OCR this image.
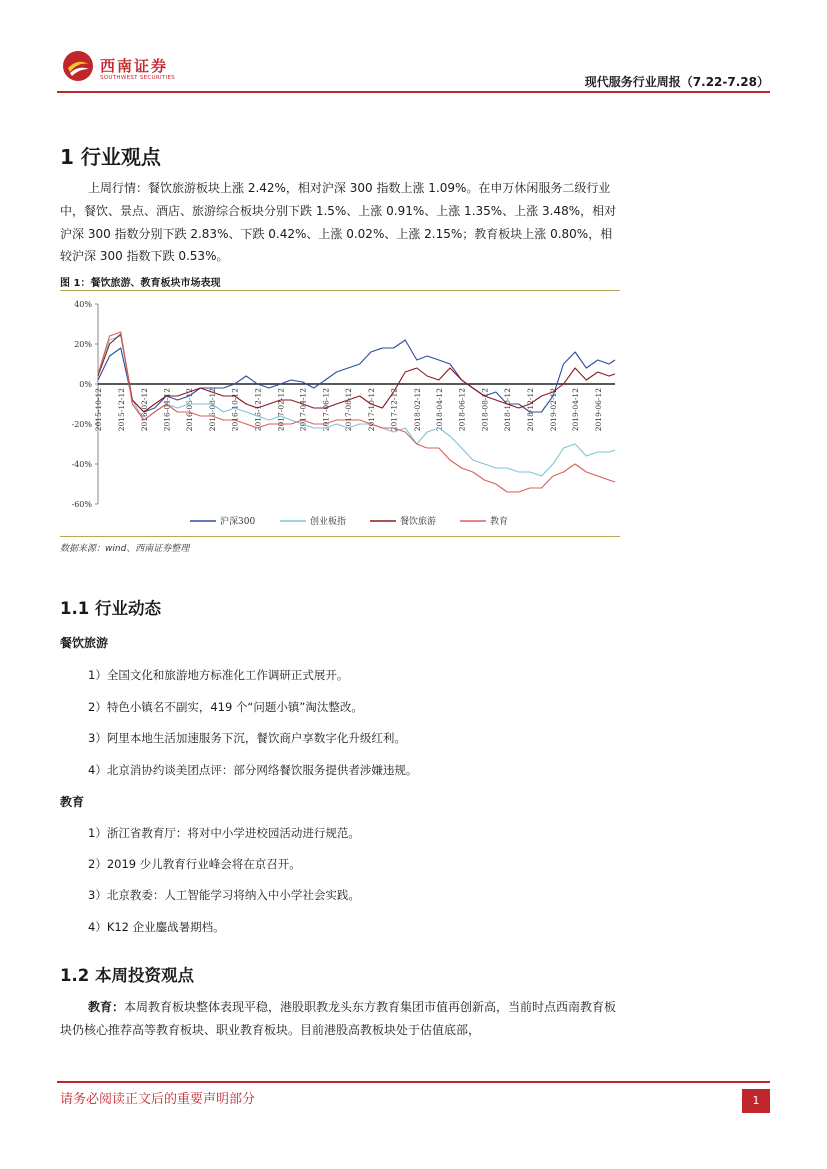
西南证券
SOUTHWEST SECURITIES	现代服务行业周报（7.22-7.28）
1 行业观点

上周行情：餐饮旅游板块上涨 2.42%，相对沪深 300 指数上涨 1.09%。在申万休闲服务二级行业中，餐饮、景点、酒店、旅游综合板块分别下跌 1.5%、上涨 0.91%、上涨 1.35%、上涨 3.48%，相对沪深 300 指数分别下跌 2.83%、下跌 0.42%、上涨 0.02%、上涨 2.15%；教育板块上涨 0.80%，相较沪深 300 指数下跌 0.53%。

图 1：餐饮旅游、教育板块市场表现
40%
20%
0%
-20%
-40%
-60%
2015-10-12 2015-12-12 2016-02-12 2016-04-12 2016-06-12 2016-08-12 2016-10-12 2016-12-12 2017-02-12 2017-04-12 2017-06-12 2017-08-12 2017-10-12 2017-12-12 2018-02-12 2018-04-12 2018-06-12 2018-08-12 2018-10-12 2018-12-12 2019-02-12 2019-04-12 2019-06-12
沪深300	创业板指	餐饮旅游	教育
数据来源：wind、西南证券整理
1.1 行业动态
餐饮旅游
1）全国文化和旅游地方标准化工作调研正式展开。
2）特色小镇名不副实，419 个“问题小镇”淘汰整改。
3）阿里本地生活加速服务下沉，餐饮商户享数字化升级红利。
4）北京消协约谈美团点评：部分网络餐饮服务提供者涉嫌违规。
教育
1）浙江省教育厅：将对中小学进校园活动进行规范。
2）2019 少儿教育行业峰会将在京召开。
3）北京教委：人工智能学习将纳入中小学社会实践。
4）K12 企业鏖战暑期档。
1.2 本周投资观点

教育：本周教育板块整体表现平稳，港股职教龙头东方教育集团市值再创新高，当前时点西南教育板块仍核心推荐高等教育板块、职业教育板块。目前港股高教板块处于估值底部，

请务必阅读正文后的重要声明部分	1
